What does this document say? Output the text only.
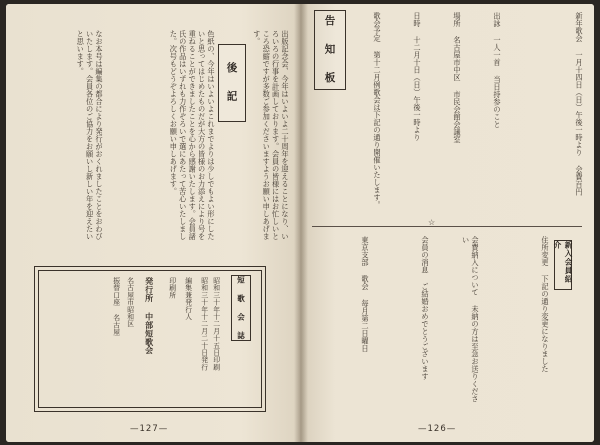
後 記
色紙の、今年はいよいよこれまでよりは少しでもよい形にしたいと思ってはじめたものだが大方の皆様のお力添えにより号を重ねることができましたことを心から感謝いたします。会員諸氏の作品はいずれも力作ぞろいで選にあたって苦心いたしました。次号もどうぞよろしくお願い申しあげます。
なお本号は編集の都合により発行がおくれましたことをおわびいたします。会員各位のご協力をお願いし新しい年を迎えたいと思います。	出版記念会、今年はいよいよ二十周年を迎えることになり、いろいろの行事を計画しております。会員の皆様にはお忙しいところ恐縮ですが多数ご参加くださいますようお願い申しあげます。
短 歌 会 誌
昭和三十年十二月十五日印刷
昭和三十年十二月二十日発行
編集兼発行人
印刷所
発行所 中部短歌会
名古屋市昭和区
振替口座 名古屋
—127—
告 知 板	歌会予定 第十二月例歌会は下記の通り開催いたします。	日時 十二月十日（日）午後一時より	場所 名古屋市中区 市民会館会議室	出詠 一人一首 当日持参のこと	新年歌会 一月十四日（日）午後一時より 会費百円
☆
東京支部 歌会 毎月第二日曜日	会員の消息 ご結婚おめでとうございます	会費納入について 未納の方は至急お送りください
新入会員紹介
住所変更 下記の通り変更になりました
—126—
